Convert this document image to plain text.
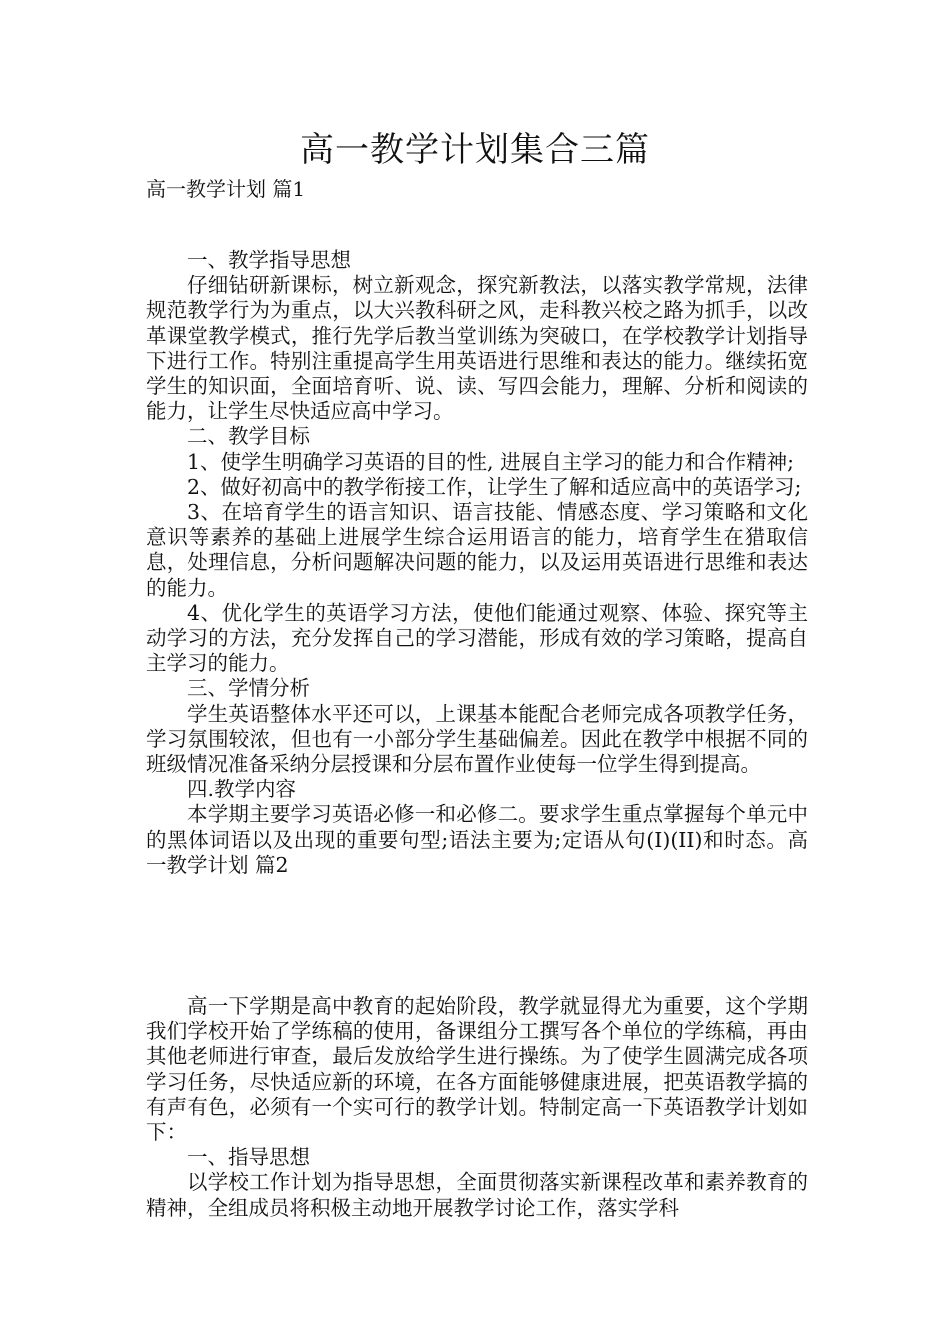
高一教学计划集合三篇
高一教学计划 篇1

一、教学指导思想

仔细钻研新课标，树立新观念，探究新教法，以落实教学常规，法律规范教学行为为重点，以大兴教科研之风，走科教兴校之路为抓手，以改革课堂教学模式，推行先学后教当堂训练为突破口，在学校教学计划指导下进行工作。特别注重提高学生用英语进行思维和表达的能力。继续拓宽学生的知识面，全面培育听、说、读、写四会能力，理解、分析和阅读的能力，让学生尽快适应高中学习。

二、教学目标

1、使学生明确学习英语的目的性, 进展自主学习的能力和合作精神;

2、做好初高中的教学衔接工作，让学生了解和适应高中的英语学习;

3、在培育学生的语言知识、语言技能、情感态度、学习策略和文化意识等素养的基础上进展学生综合运用语言的能力，培育学生在猎取信息，处理信息，分析问题解决问题的能力，以及运用英语进行思维和表达的能力。

4、优化学生的英语学习方法，使他们能通过观察、体验、探究等主动学习的方法，充分发挥自己的学习潜能，形成有效的学习策略，提高自主学习的能力。

三、学情分析

学生英语整体水平还可以，上课基本能配合老师完成各项教学任务，学习氛围较浓，但也有一小部分学生基础偏差。因此在教学中根据不同的班级情况准备采纳分层授课和分层布置作业使每一位学生得到提高。

四.教学内容

本学期主要学习英语必修一和必修二。要求学生重点掌握每个单元中的黑体词语以及出现的重要句型;语法主要为;定语从句(I)(II)和时态。高一教学计划 篇2

高一下学期是高中教育的起始阶段，教学就显得尤为重要，这个学期我们学校开始了学练稿的使用，备课组分工撰写各个单位的学练稿，再由其他老师进行审查，最后发放给学生进行操练。为了使学生圆满完成各项学习任务，尽快适应新的环境，在各方面能够健康进展，把英语教学搞的有声有色，必须有一个实可行的教学计划。特制定高一下英语教学计划如下：

一、指导思想

以学校工作计划为指导思想，全面贯彻落实新课程改革和素养教育的精神，全组成员将积极主动地开展教学讨论工作，落实学科
